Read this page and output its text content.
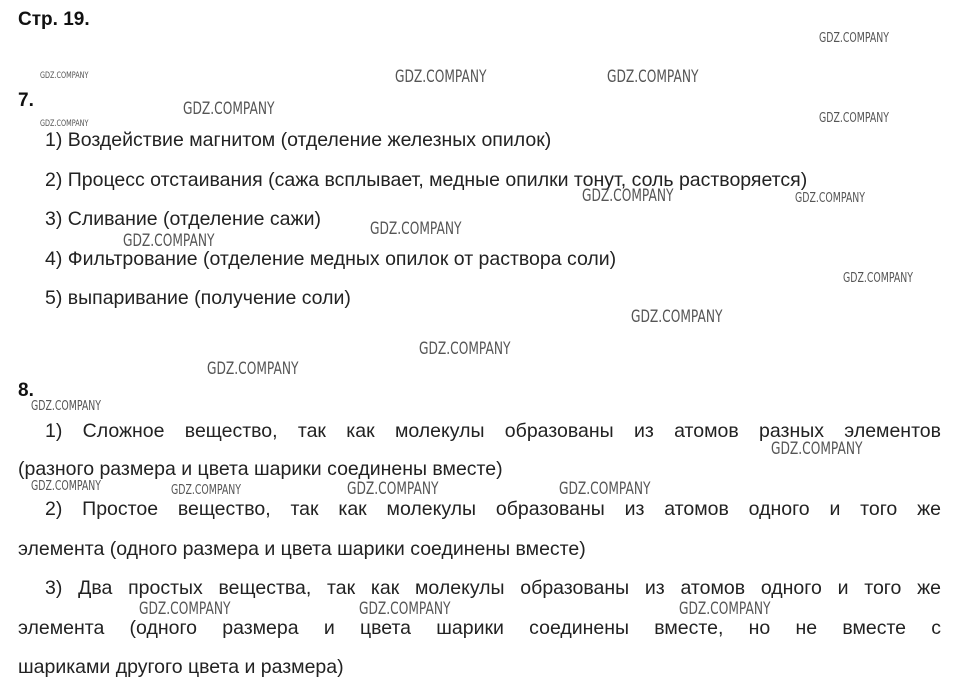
Стр. 19.
7.
1) Воздействие магнитом (отделение железных опилок)
2) Процесс отстаивания (сажа всплывает, медные опилки тонут, соль растворяется)
3) Сливание (отделение сажи)
4) Фильтрование (отделение медных опилок от раствора соли)
5) выпаривание (получение соли)
8.
1) Сложное вещество, так как молекулы образованы из атомов разных элементов
(разного размера и цвета шарики соединены вместе)
2) Простое вещество, так как молекулы образованы из атомов одного и того же
элемента (одного размера и цвета шарики соединены вместе)
3) Два простых вещества, так как молекулы образованы из атомов одного и того же
элемента (одного размера и цвета шарики соединены вместе, но не вместе с
шариками другого цвета и размера)
GDZ.COMPANY
GDZ.COMPANY	GDZ.COMPANY	GDZ.COMPANY
GDZ.COMPANY
GDZ.COMPANY	GDZ.COMPANY
GDZ.COMPANY	GDZ.COMPANY
GDZ.COMPANY
GDZ.COMPANY
GDZ.COMPANY
GDZ.COMPANY
GDZ.COMPANY
GDZ.COMPANY
GDZ.COMPANY
GDZ.COMPANY
GDZ.COMPANY	GDZ.COMPANY	GDZ.COMPANY	GDZ.COMPANY
GDZ.COMPANY	GDZ.COMPANY	GDZ.COMPANY
